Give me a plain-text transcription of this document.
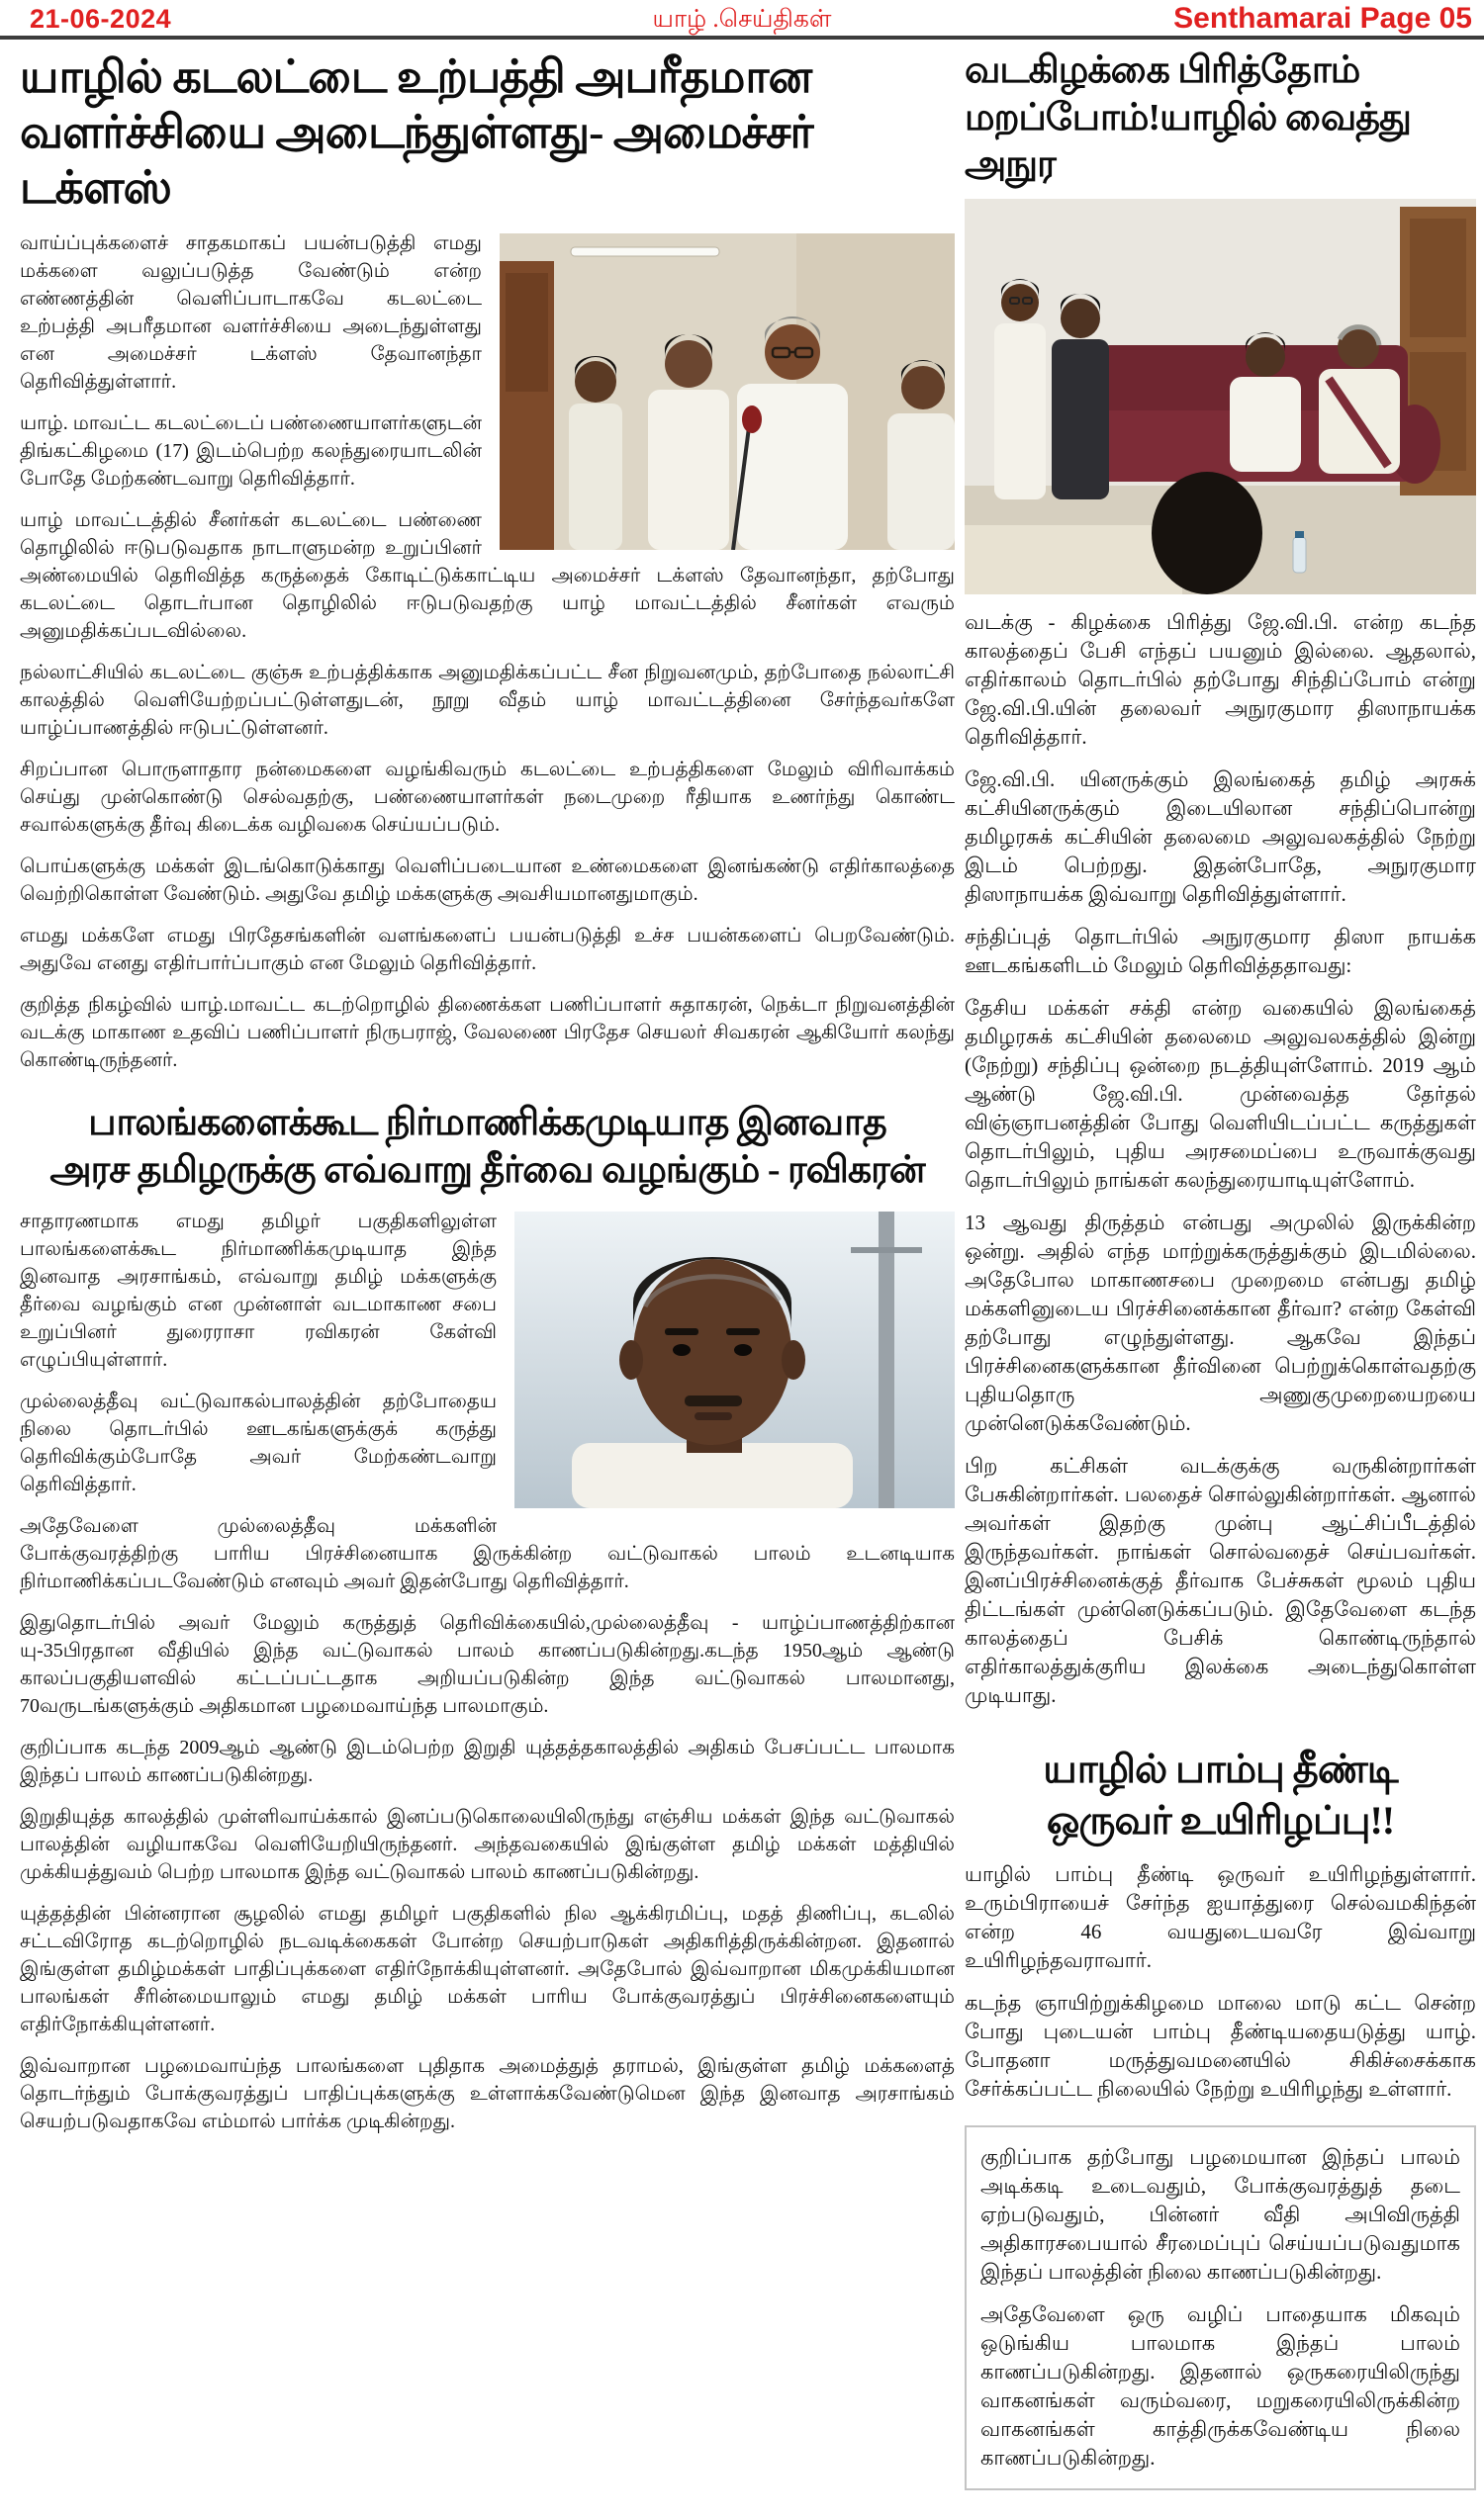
21-06-2024	யாழ் .செய்திகள்	Senthamarai Page 05
யாழில் கடலட்டை உற்பத்தி அபரீதமான
வளர்ச்சியை அடைந்துள்ளது- அமைச்சர் டக்ளஸ்

வாய்ப்புக்களைச் சாதகமாகப் பயன்படுத்தி எமது மக்களை வலுப்படுத்த வேண்டும் என்ற எண்ணத்தின் வெளிப்பாடாகவே கடலட்டை உற்பத்தி அபரீதமான வளர்ச்சியை அடைந்துள்ளது என அமைச்சர் டக்ளஸ் தேவானந்தா தெரிவித்துள்ளார்.

யாழ். மாவட்ட கடலட்டைப் பண்ணையாளர்களுடன் திங்கட்கிழமை (17) இடம்பெற்ற கலந்துரையாடலின் போதே மேற்கண்டவாறு தெரிவித்தார்.

யாழ் மாவட்டத்தில் சீனர்கள் கடலட்டை பண்ணை தொழிலில் ஈடுபடுவதாக நாடாளுமன்ற உறுப்பினர் அண்மையில் தெரிவித்த கருத்தைக் கோடிட்டுக்காட்டிய அமைச்சர் டக்ளஸ் தேவானந்தா, தற்போது கடலட்டை தொடர்பான தொழிலில் ஈடுபடுவதற்கு யாழ் மாவட்டத்தில் சீனர்கள் எவரும் அனுமதிக்கப்படவில்லை.

நல்லாட்சியில் கடலட்டை குஞ்சு உற்பத்திக்காக அனுமதிக்கப்பட்ட சீன நிறுவனமும், தற்போதை நல்லாட்சி காலத்தில் வெளியேற்றப்பட்டுள்ளதுடன், நூறு வீதம் யாழ் மாவட்டத்தினை சேர்ந்தவர்களே யாழ்ப்பாணத்தில் ஈடுபட்டுள்ளனர்.

சிறப்பான பொருளாதார நன்மைகளை வழங்கிவரும் கடலட்டை உற்பத்திகளை மேலும் விரிவாக்கம் செய்து முன்கொண்டு செல்வதற்கு, பண்ணையாளர்கள் நடைமுறை ரீதியாக உணர்ந்து கொண்ட சவால்களுக்கு தீர்வு கிடைக்க வழிவகை செய்யப்படும்.

பொய்களுக்கு மக்கள் இடங்கொடுக்காது வெளிப்படையான உண்மைகளை இனங்கண்டு எதிர்காலத்தை வெற்றிகொள்ள வேண்டும். அதுவே தமிழ் மக்களுக்கு அவசியமானதுமாகும்.

எமது மக்களே எமது பிரதேசங்களின் வளங்களைப் பயன்படுத்தி உச்ச பயன்களைப் பெறவேண்டும். அதுவே எனது எதிர்பார்ப்பாகும் என மேலும் தெரிவித்தார்.

குறித்த நிகழ்வில் யாழ்.மாவட்ட கடற்றொழில் திணைக்கள பணிப்பாளர் சுதாகரன், நெக்டா நிறுவனத்தின் வடக்கு மாகாண உதவிப் பணிப்பாளர் நிருபராஜ், வேலணை பிரதேச செயலர் சிவகரன் ஆகியோர் கலந்து கொண்டிருந்தனர்.

பாலங்களைக்கூட நிர்மாணிக்கமுடியாத இனவாத
அரச தமிழருக்கு எவ்வாறு தீர்வை வழங்கும் - ரவிகரன்

சாதாரணமாக எமது தமிழர் பகுதிகளிலுள்ள பாலங்களைக்கூட நிர்மாணிக்கமுடியாத இந்த இனவாத அரசாங்கம், எவ்வாறு தமிழ் மக்களுக்கு தீர்வை வழங்கும் என முன்னாள் வடமாகாண சபை உறுப்பினர் துரைராசா ரவிகரன் கேள்வி எழுப்பியுள்ளார்.

முல்லைத்தீவு வட்டுவாகல்பாலத்தின் தற்போதைய நிலை தொடர்பில் ஊடகங்களுக்குக் கருத்து தெரிவிக்கும்போதே அவர் மேற்கண்டவாறு தெரிவித்தார்.

அதேவேளை முல்லைத்தீவு மக்களின் போக்குவரத்திற்கு பாரிய பிரச்சினையாக இருக்கின்ற வட்டுவாகல் பாலம் உடனடியாக நிர்மாணிக்கப்படவேண்டும் எனவும் அவர் இதன்போது தெரிவித்தார்.

இதுதொடர்பில் அவர் மேலும் கருத்துத் தெரிவிக்கையில்,முல்லைத்தீவு - யாழ்ப்பாணத்திற்கான யு-35பிரதான வீதியில் இந்த வட்டுவாகல் பாலம் காணப்படுகின்றது.கடந்த 1950ஆம் ஆண்டு காலப்பகுதியளவில் கட்டப்பட்டதாக அறியப்படுகின்ற இந்த வட்டுவாகல் பாலமானது, 70வருடங்களுக்கும் அதிகமான பழமைவாய்ந்த பாலமாகும்.

குறிப்பாக கடந்த 2009ஆம் ஆண்டு இடம்பெற்ற இறுதி யுத்தத்தகாலத்தில் அதிகம் பேசப்பட்ட பாலமாக இந்தப் பாலம் காணப்படுகின்றது.

இறுதியுத்த காலத்தில் முள்ளிவாய்க்கால் இனப்படுகொலையிலிருந்து எஞ்சிய மக்கள் இந்த வட்டுவாகல் பாலத்தின் வழியாகவே வெளியேறியிருந்தனர். அந்தவகையில் இங்குள்ள தமிழ் மக்கள் மத்தியில் முக்கியத்துவம் பெற்ற பாலமாக இந்த வட்டுவாகல் பாலம் காணப்படுகின்றது.

யுத்தத்தின் பின்னரான சூழலில் எமது தமிழர் பகுதிகளில் நில ஆக்கிரமிப்பு, மதத் திணிப்பு, கடலில் சட்டவிரோத கடற்றொழில் நடவடிக்கைகள் போன்ற செயற்பாடுகள் அதிகரித்திருக்கின்றன. இதனால் இங்குள்ள தமிழ்மக்கள் பாதிப்புக்களை எதிர்நோக்கியுள்ளனர். அதேபோல் இவ்வாறான மிகமுக்கியமான பாலங்கள் சீரின்மையாலும் எமது தமிழ் மக்கள் பாரிய போக்குவரத்துப் பிரச்சினைகளையும் எதிர்நோக்கியுள்ளனர்.

இவ்வாறான பழமைவாய்ந்த பாலங்களை புதிதாக அமைத்துத் தராமல், இங்குள்ள தமிழ் மக்களைத் தொடர்ந்தும் போக்குவரத்துப் பாதிப்புக்களுக்கு உள்ளாக்கவேண்டுமென இந்த இனவாத அரசாங்கம் செயற்படுவதாகவே எம்மால் பார்க்க முடிகின்றது.

வடகிழக்கை பிரித்தோம்
மறப்போம்!யாழில் வைத்து அநுர

வடக்கு - கிழக்கை பிரித்து ஜே.வி.பி. என்ற கடந்த காலத்தைப் பேசி எந்தப் பயனும் இல்லை. ஆதலால், எதிர்காலம் தொடர்பில் தற்போது சிந்திப்போம் என்று ஜே.வி.பி.யின் தலைவர் அநுரகுமார திஸாநாயக்க தெரிவித்தார்.

ஜே.வி.பி. யினருக்கும் இலங்கைத் தமிழ் அரசுக் கட்சியினருக்கும் இடையிலான சந்திப்பொன்று தமிழரசுக் கட்சியின் தலைமை அலுவலகத்தில் நேற்று இடம் பெற்றது. இதன்போதே, அநுரகுமார திஸாநாயக்க இவ்வாறு தெரிவித்துள்ளார்.

சந்திப்புத் தொடர்பில் அநுரகுமார திஸா நாயக்க ஊடகங்களிடம் மேலும் தெரிவித்ததாவது:

தேசிய மக்கள் சக்தி என்ற வகையில் இலங்கைத் தமிழரசுக் கட்சியின் தலைமை அலுவலகத்தில் இன்று (நேற்று) சந்திப்பு ஒன்றை நடத்தியுள்ளோம். 2019 ஆம் ஆண்டு ஜே.வி.பி. முன்வைத்த தேர்தல் விஞ்ஞாபனத்தின் போது வெளியிடப்பட்ட கருத்துகள் தொடர்பிலும், புதிய அரசமைப்பை உருவாக்குவது தொடர்பிலும் நாங்கள் கலந்துரையாடியுள்ளோம்.

13 ஆவது திருத்தம் என்பது அமுலில் இருக்கின்ற ஒன்று. அதில் எந்த மாற்றுக்கருத்துக்கும் இடமில்லை. அதேபோல மாகாணசபை முறைமை என்பது தமிழ் மக்களினுடைய பிரச்சினைக்கான தீர்வா? என்ற கேள்வி தற்போது எழுந்துள்ளது. ஆகவே இந்தப் பிரச்சினைகளுக்கான தீர்வினை பெற்றுக்கொள்வதற்கு புதியதொரு அணுகுமுறையைறயை முன்னெடுக்கவேண்டும்.

பிற கட்சிகள் வடக்குக்கு வருகின்றார்கள் பேசுகின்றார்கள். பலதைச் சொல்லுகின்றார்கள். ஆனால் அவர்கள் இதற்கு முன்பு ஆட்சிப்பீடத்தில் இருந்தவர்கள். நாங்கள் சொல்வதைச் செய்பவர்கள். இனப்பிரச்சினைக்குத் தீர்வாக பேச்சுகள் மூலம் புதிய திட்டங்கள் முன்னெடுக்கப்படும். இதேவேளை கடந்த காலத்தைப் பேசிக் கொண்டிருந்தால் எதிர்காலத்துக்குரிய இலக்கை அடைந்துகொள்ள முடியாது.

யாழில் பாம்பு தீண்டி
ஒருவர் உயிரிழப்பு!!

யாழில் பாம்பு தீண்டி ஒருவர் உயிரிழந்துள்ளார். உரும்பிராயைச் சேர்ந்த ஐயாத்துரை செல்வமகிந்தன் என்ற 46 வயதுடையவரே இவ்வாறு உயிரிழந்தவராவார்.

கடந்த ஞாயிற்றுக்கிழமை மாலை மாடு கட்ட சென்ற போது புடையன் பாம்பு தீண்டியதையடுத்து யாழ். போதனா மருத்துவமனையில் சிகிச்சைக்காக சேர்க்கப்பட்ட நிலையில் நேற்று உயிரிழந்து உள்ளார்.

குறிப்பாக தற்போது பழமையான இந்தப் பாலம் அடிக்கடி உடைவதும், போக்குவரத்துத் தடை ஏற்படுவதும், பின்னர் வீதி அபிவிருத்தி அதிகாரசபையால் சீரமைப்புப் செய்யப்படுவதுமாக இந்தப் பாலத்தின் நிலை காணப்படுகின்றது.

அதேவேளை ஒரு வழிப் பாதையாக மிகவும் ஒடுங்கிய பாலமாக இந்தப் பாலம் காணப்படுகின்றது. இதனால் ஒருகரையிலிருந்து வாகனங்கள் வரும்வரை, மறுகரையிலிருக்கின்ற வாகனங்கள் காத்திருக்கவேண்டிய நிலை காணப்படுகின்றது.
